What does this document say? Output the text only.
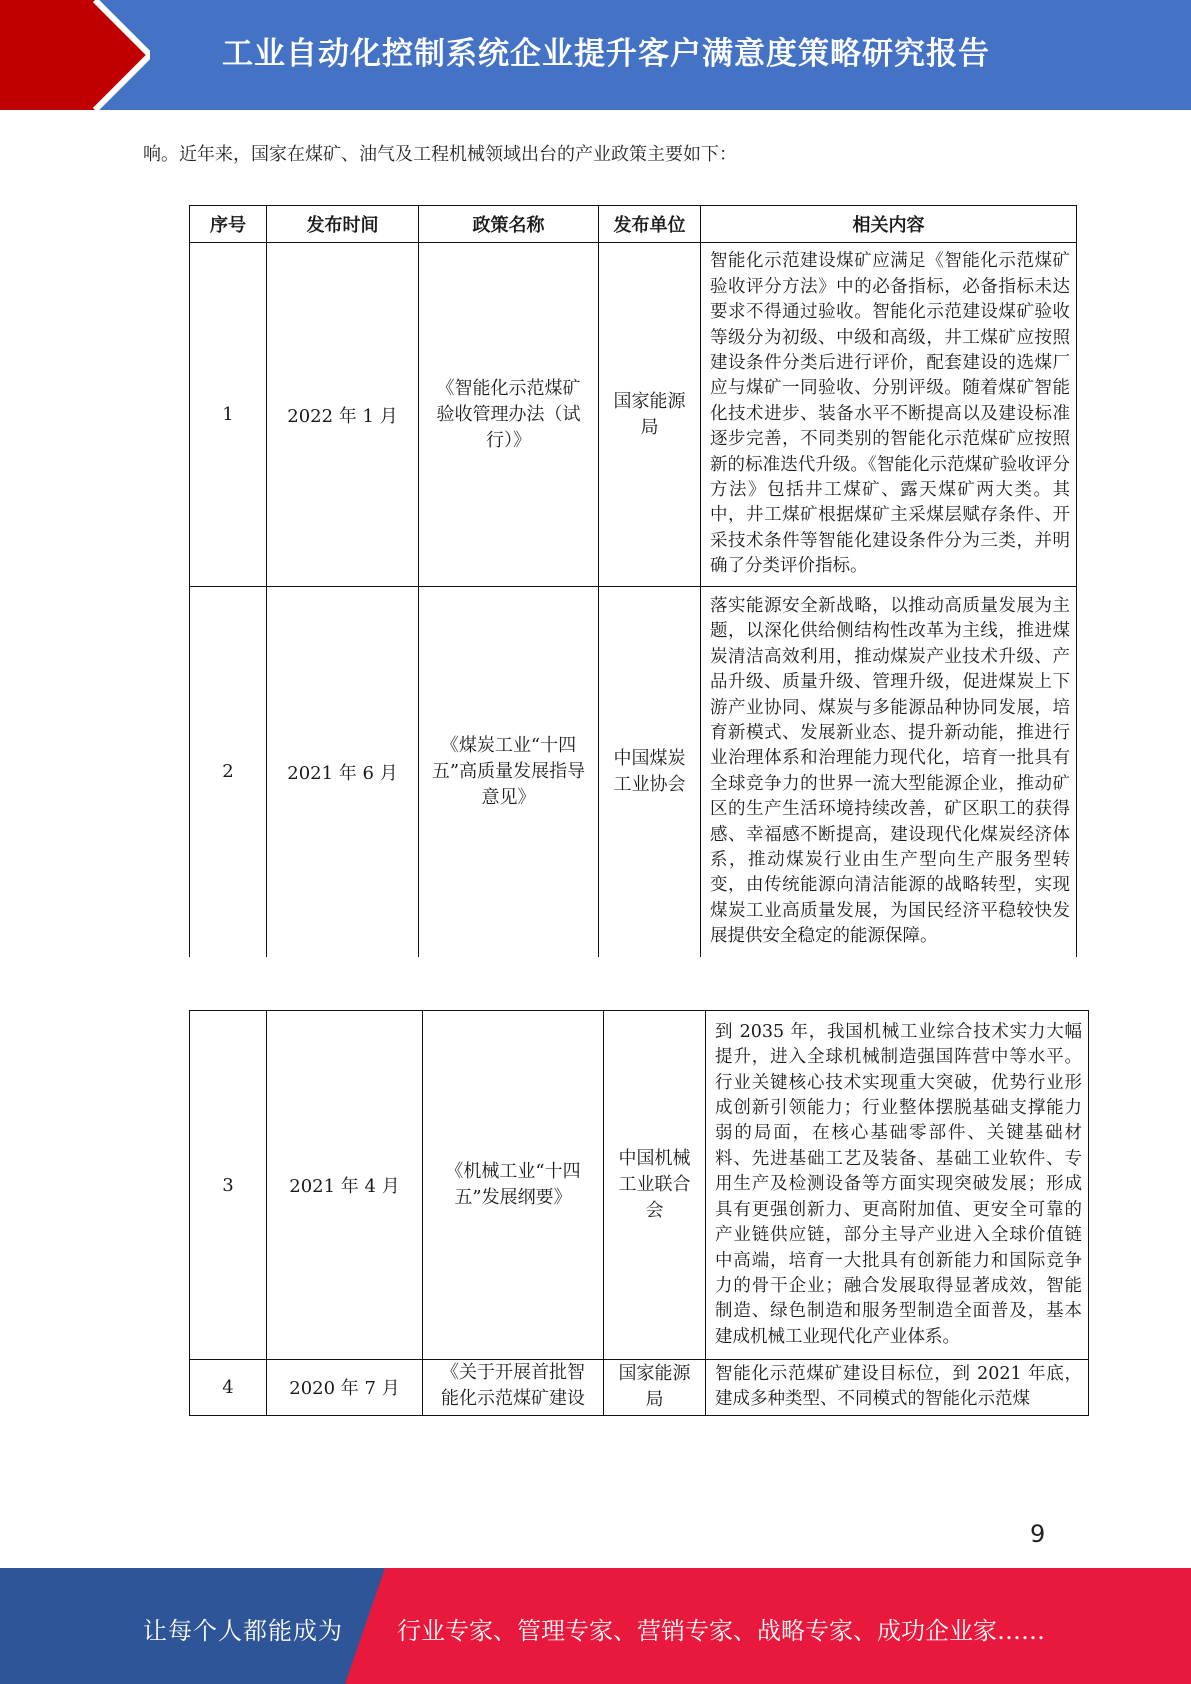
工业自动化控制系统企业提升客户满意度策略研究报告
响。近年来，国家在煤矿、油气及工程机械领域出台的产业政策主要如下：
序号	发布时间	政策名称	发布单位	相关内容
1	2022 年 1 月	《智能化示范煤矿验收管理办法（试行）》	国家能源局	智能化示范建设煤矿应满足《智能化示范煤矿验收评分方法》中的必备指标，必备指标未达要求不得通过验收。智能化示范建设煤矿验收等级分为初级、中级和高级，井工煤矿应按照建设条件分类后进行评价，配套建设的选煤厂应与煤矿一同验收、分别评级。随着煤矿智能化技术进步、装备水平不断提高以及建设标准逐步完善，不同类别的智能化示范煤矿应按照新的标准迭代升级。《智能化示范煤矿验收评分方法》包括井工煤矿、露天煤矿两大类。其中，井工煤矿根据煤矿主采煤层赋存条件、开采技术条件等智能化建设条件分为三类，并明确了分类评价指标。
2	2021 年 6 月	《煤炭工业“十四五”高质量发展指导意见》	中国煤炭工业协会	落实能源安全新战略，以推动高质量发展为主题，以深化供给侧结构性改革为主线，推进煤炭清洁高效利用，推动煤炭产业技术升级、产品升级、质量升级、管理升级，促进煤炭上下游产业协同、煤炭与多能源品种协同发展，培育新模式、发展新业态、提升新动能，推进行业治理体系和治理能力现代化，培育一批具有全球竞争力的世界一流大型能源企业，推动矿区的生产生活环境持续改善，矿区职工的获得感、幸福感不断提高，建设现代化煤炭经济体系，推动煤炭行业由生产型向生产服务型转变，由传统能源向清洁能源的战略转型，实现煤炭工业高质量发展，为国民经济平稳较快发展提供安全稳定的能源保障。
3	2021 年 4 月	《机械工业“十四五”发展纲要》	中国机械工业联合会	到 2035 年，我国机械工业综合技术实力大幅提升，进入全球机械制造强国阵营中等水平。行业关键核心技术实现重大突破，优势行业形成创新引领能力；行业整体摆脱基础支撑能力弱的局面，在核心基础零部件、关键基础材料、先进基础工艺及装备、基础工业软件、专用生产及检测设备等方面实现突破发展；形成具有更强创新力、更高附加值、更安全可靠的产业链供应链，部分主导产业进入全球价值链中高端，培育一大批具有创新能力和国际竞争力的骨干企业；融合发展取得显著成效，智能制造、绿色制造和服务型制造全面普及，基本建成机械工业现代化产业体系。
4	2020 年 7 月	《关于开展首批智能化示范煤矿建设	国家能源局	智能化示范煤矿建设目标位，到 2021 年底，建成多种类型、不同模式的智能化示范煤
9
让每个人都能成为 行业专家、管理专家、营销专家、战略专家、成功企业家……
